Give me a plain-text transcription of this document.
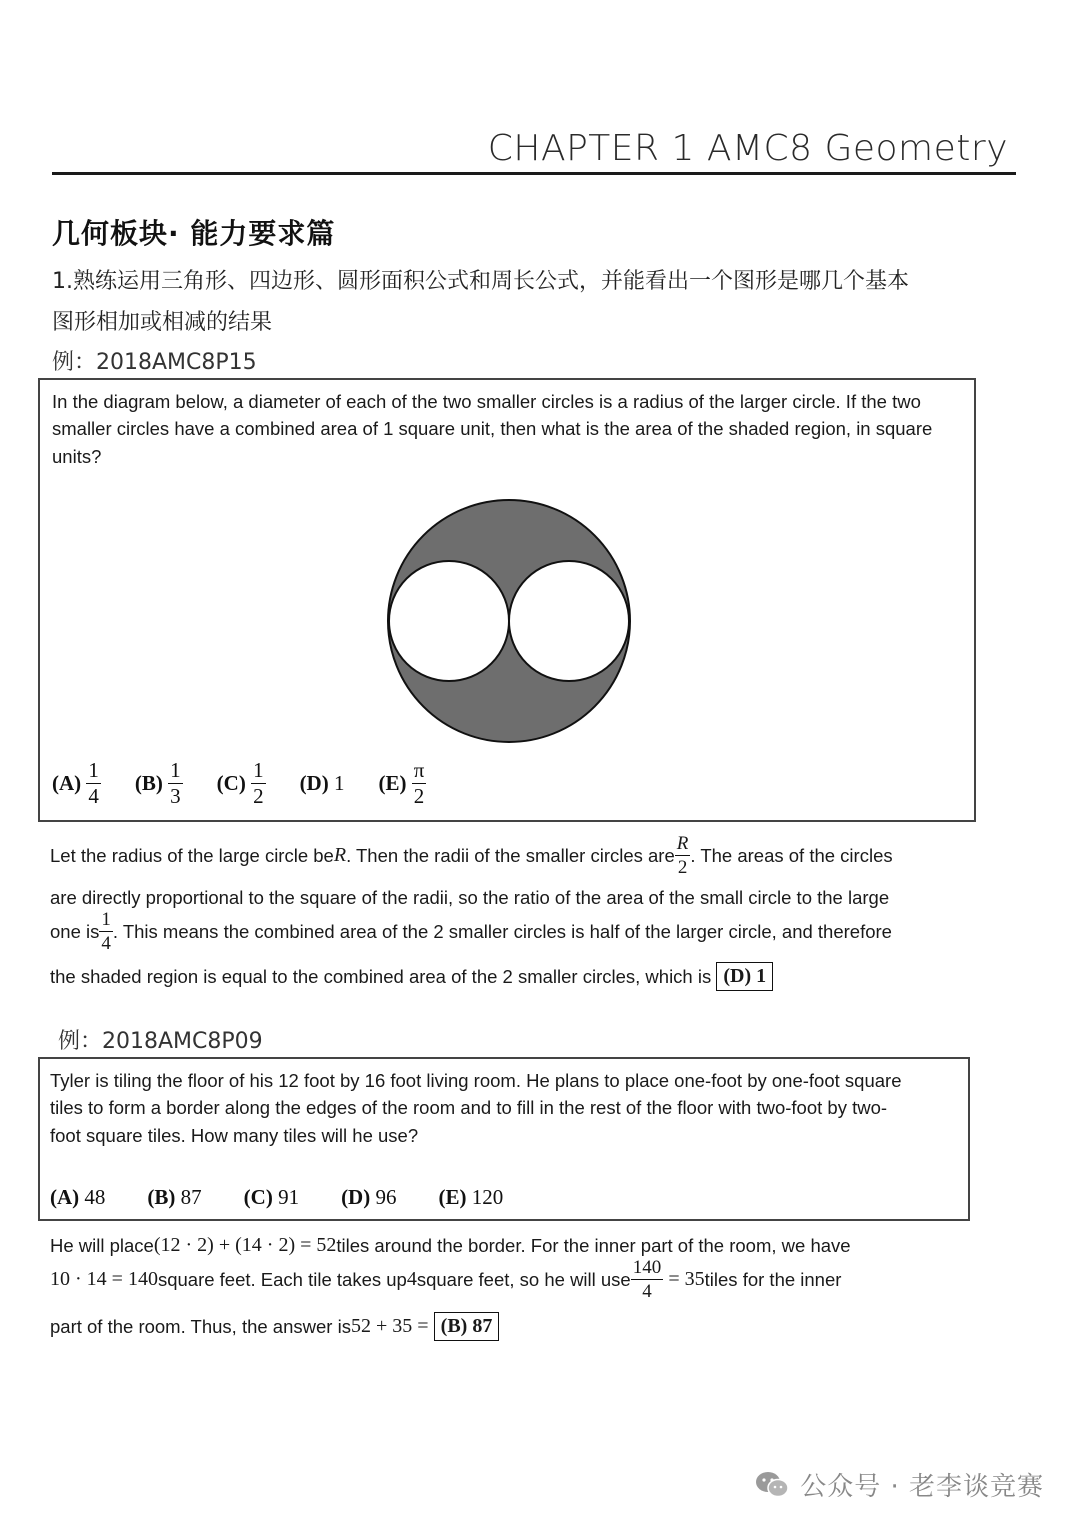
CHAPTER 1 AMC8 Geometry
几何板块· 能力要求篇
1.熟练运用三角形、四边形、圆形面积公式和周长公式，并能看出一个图形是哪几个基本
图形相加或相减的结果
例：2018AMC8P15
In the diagram below, a diameter of each of the two smaller circles is a radius of the larger circle. If the two
smaller circles have a combined area of 1 square unit, then what is the area of the shaded region, in square
units?
(A)
$\frac{1}{4} (B)$
$\frac{1}{3} (C)$
$\frac{1}{2} (D)$
1 (E)
$\frac{\pi}{2}$
Let the radius of the large circle be R . Then the radii of the smaller circles are $\frac{R}{2}$ . The areas of the circles
are directly proportional to the square of the radii, so the ratio of the area of the small circle to the large
one is $\frac{1}{4}$ . This means the combined area of the 2 smaller circles is half of the larger circle, and therefore
the shaded region is equal to the combined area of the 2 smaller circles, which is
(D) 1
例：2018AMC8P09
Tyler is tiling the floor of his 12 foot by 16 foot living room. He plans to place one-foot by one-foot square
tiles to form a border along the edges of the room and to fill in the rest of the floor with two-foot by two-
foot square tiles. How many tiles will he use?
(A) 48 (B) 87 (C) 91 (D) 96 (E) 120
He will place (12 · 2) + (14 · 2) = 52 tiles around the border. For the inner part of the room, we have
10 · 14 = 140 square feet. Each tile takes up 4 square feet, so he will use $\frac{140}{4}$
= 35 tiles for the inner
part of the room. Thus, the answer is 52 + 35 =
(B) 87
公众号 · 老李谈竞赛
